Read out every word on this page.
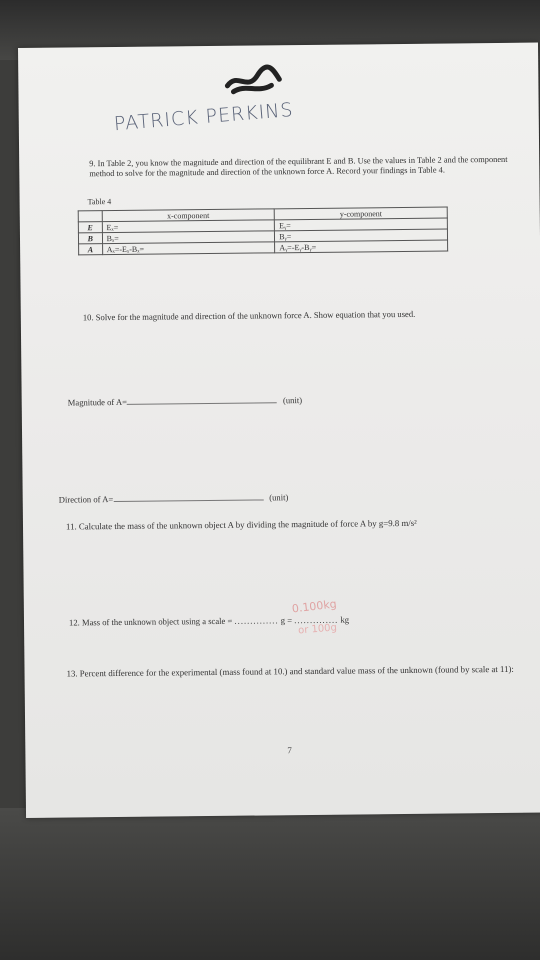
PATRICK PERKINS
9. In Table 2, you know the magnitude and direction of the equilibrant E and B. Use the values in Table 2 and the component method to solve for the magnitude and direction of the unknown force A. Record your findings in Table 4.
Table 4
	x-component	y-component
E	Eₓ=	Eᵧ=
B	Bₓ=	Bᵧ=
A	Aₓ=-Eₓ-Bₓ=	Aᵧ=-Eᵧ-Bᵧ=
10. Solve for the magnitude and direction of the unknown force A. Show equation that you used.
Magnitude of A=	(unit)
Direction of A=	(unit)
11. Calculate the mass of the unknown object A by dividing the magnitude of force A by g=9.8 m/s²
0.100kg
or 100g
12. Mass of the unknown object using a scale = .............. g = .............. kg
13. Percent difference for the experimental (mass found at 10.) and standard value mass of the unknown (found by scale at 11):
7
